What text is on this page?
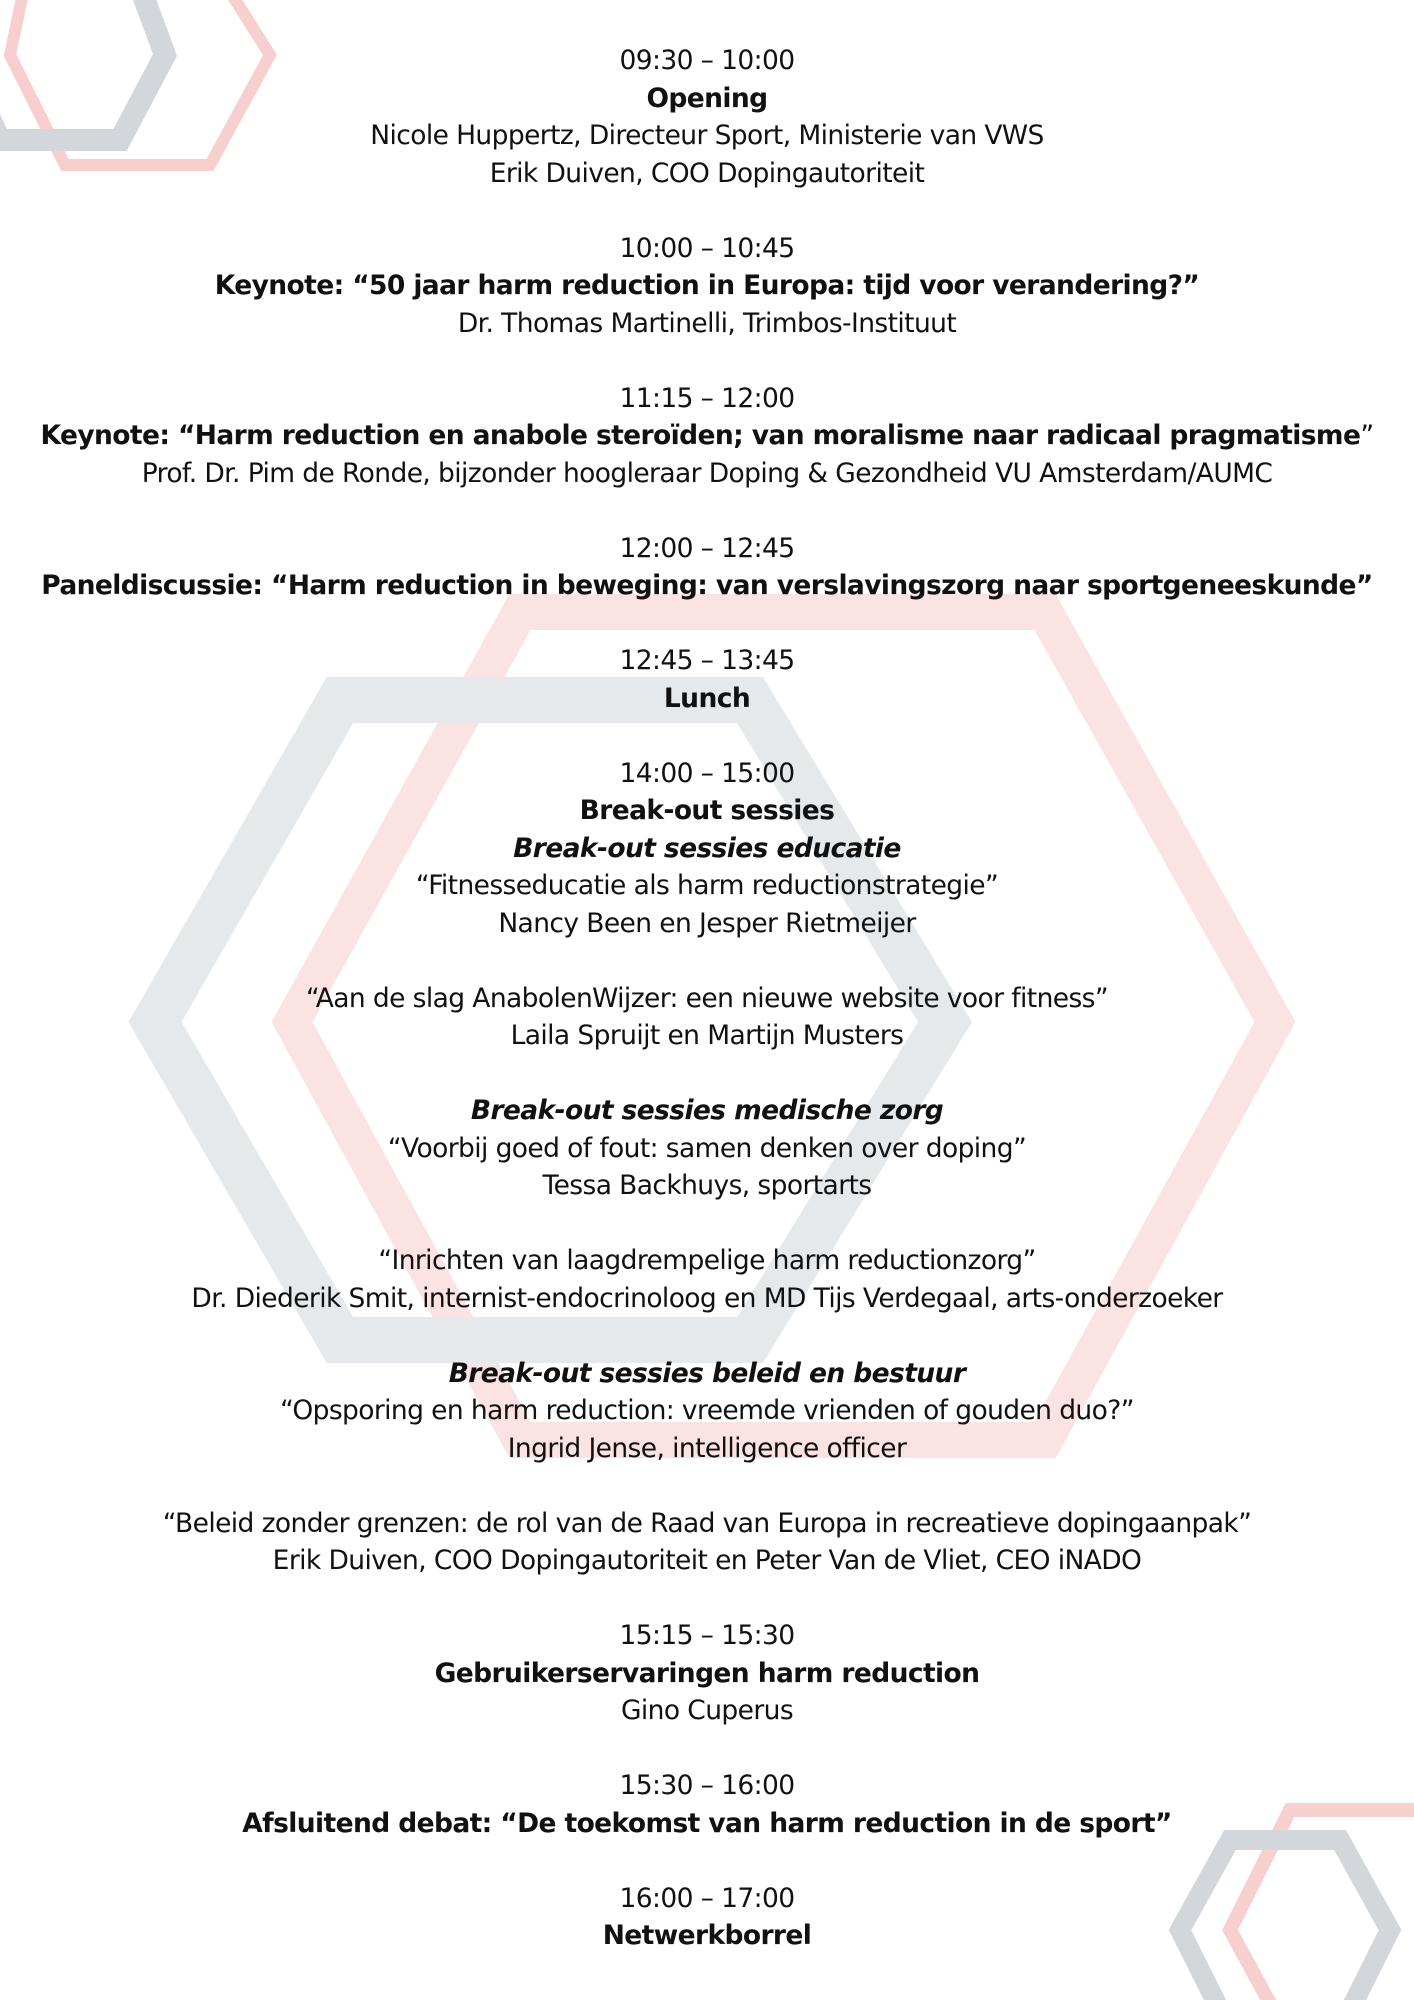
09:30 – 10:00
Opening
Nicole Huppertz, Directeur Sport, Ministerie van VWS
Erik Duiven, COO Dopingautoriteit
10:00 – 10:45
Keynote: “50 jaar harm reduction in Europa: tijd voor verandering?”
Dr. Thomas Martinelli, Trimbos-Instituut
11:15 – 12:00
Keynote: “Harm reduction en anabole steroïden; van moralisme naar radicaal pragmatisme”
Prof. Dr. Pim de Ronde, bijzonder hoogleraar Doping & Gezondheid VU Amsterdam/AUMC
12:00 – 12:45
Paneldiscussie: “Harm reduction in beweging: van verslavingszorg naar sportgeneeskunde”
12:45 – 13:45
Lunch
14:00 – 15:00
Break-out sessies
Break-out sessies educatie
“Fitnesseducatie als harm reductionstrategie”
Nancy Been en Jesper Rietmeijer
“Aan de slag AnabolenWijzer: een nieuwe website voor fitness”
Laila Spruijt en Martijn Musters
Break-out sessies medische zorg
“Voorbij goed of fout: samen denken over doping”
Tessa Backhuys, sportarts
“Inrichten van laagdrempelige harm reductionzorg”
Dr. Diederik Smit, internist-endocrinoloog en MD Tijs Verdegaal, arts-onderzoeker
Break-out sessies beleid en bestuur
“Opsporing en harm reduction: vreemde vrienden of gouden duo?”
Ingrid Jense, intelligence officer
“Beleid zonder grenzen: de rol van de Raad van Europa in recreatieve dopingaanpak”
Erik Duiven, COO Dopingautoriteit en Peter Van de Vliet, CEO iNADO
15:15 – 15:30
Gebruikerservaringen harm reduction
Gino Cuperus
15:30 – 16:00
Afsluitend debat: “De toekomst van harm reduction in de sport”
16:00 – 17:00
Netwerkborrel
